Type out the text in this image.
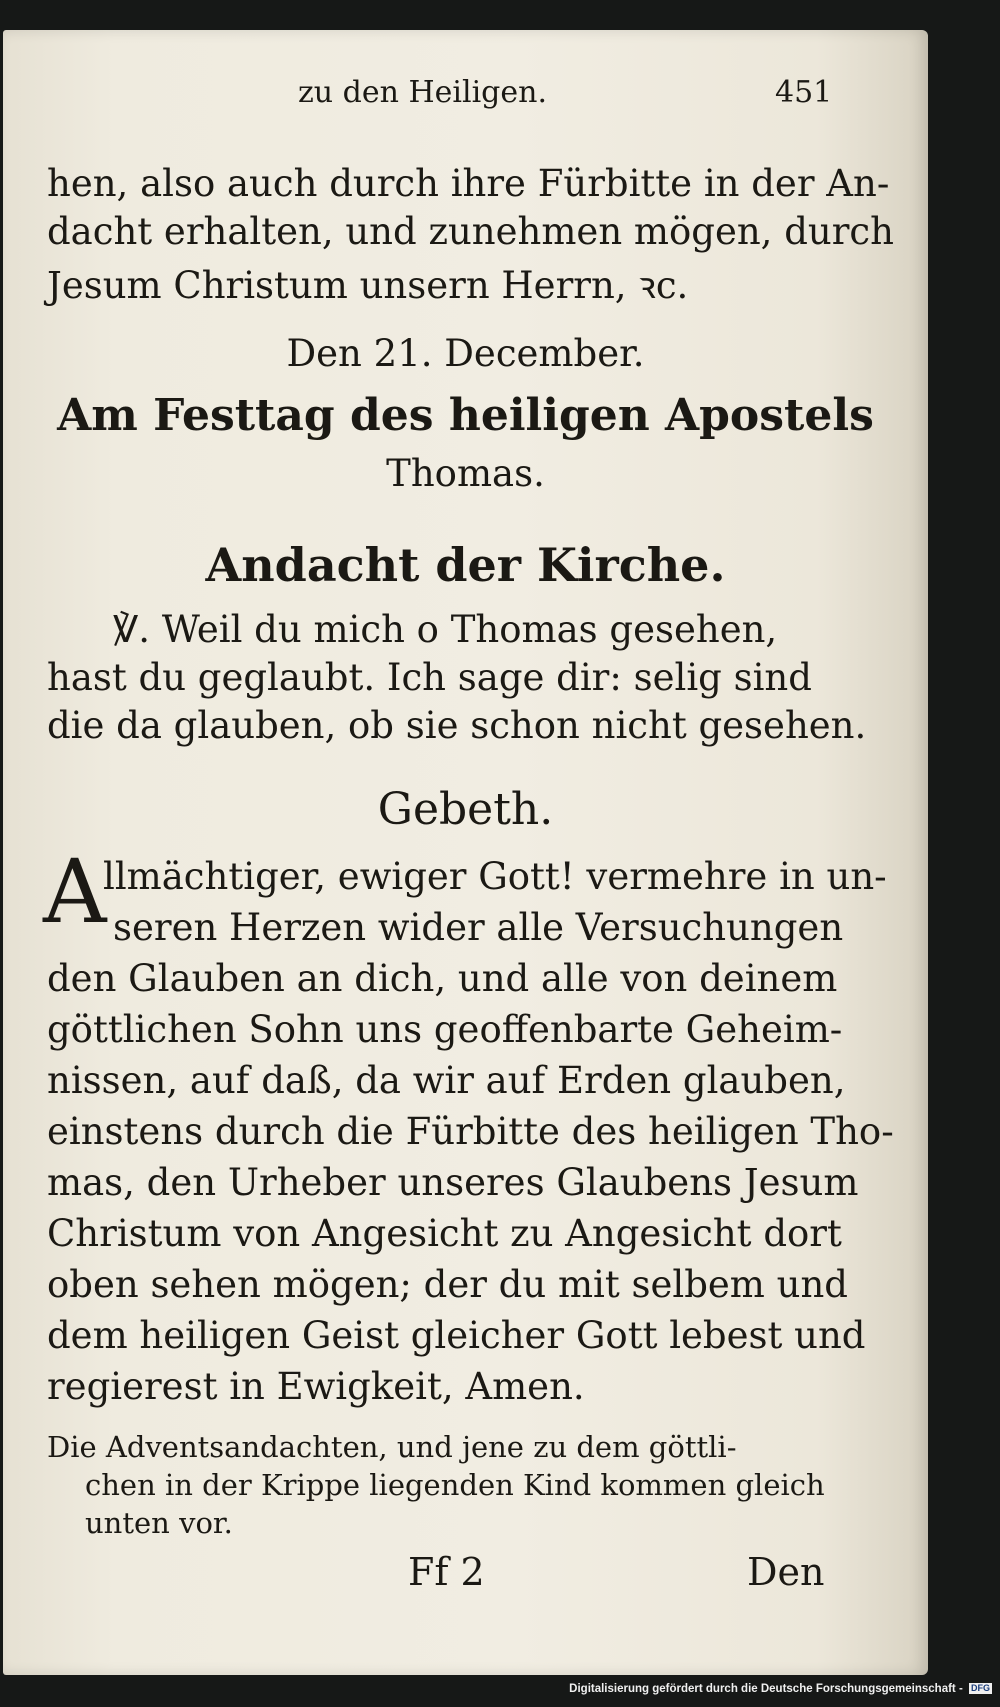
zu den Heiligen.	451
hen, also auch durch ihre Fürbitte in der An-
dacht erhalten, und zunehmen mögen, durch
Jesum Christum unsern Herrn, ꝛc.
Den 21. December.
Am Festtag des heiligen Apostels
Thomas.
Andacht der Kirche.
℣. Weil du mich o Thomas gesehen,
hast du geglaubt. Ich sage dir: selig sind
die da glauben, ob sie schon nicht gesehen.
Gebeth.
A
llmächtiger, ewiger Gott! vermehre in un-
seren Herzen wider alle Versuchungen
den Glauben an dich, und alle von deinem
göttlichen Sohn uns geoffenbarte Geheim-
nissen, auf daß, da wir auf Erden glauben,
einstens durch die Fürbitte des heiligen Tho-
mas, den Urheber unseres Glaubens Jesum
Christum von Angesicht zu Angesicht dort
oben sehen mögen; der du mit selbem und
dem heiligen Geist gleicher Gott lebest und
regierest in Ewigkeit, Amen.
Die Adventsandachten, und jene zu dem göttli-
chen in der Krippe liegenden Kind kommen gleich
unten vor.
Ff 2	Den
Digitalisierung gefördert durch die Deutsche Forschungsgemeinschaft - DFG
